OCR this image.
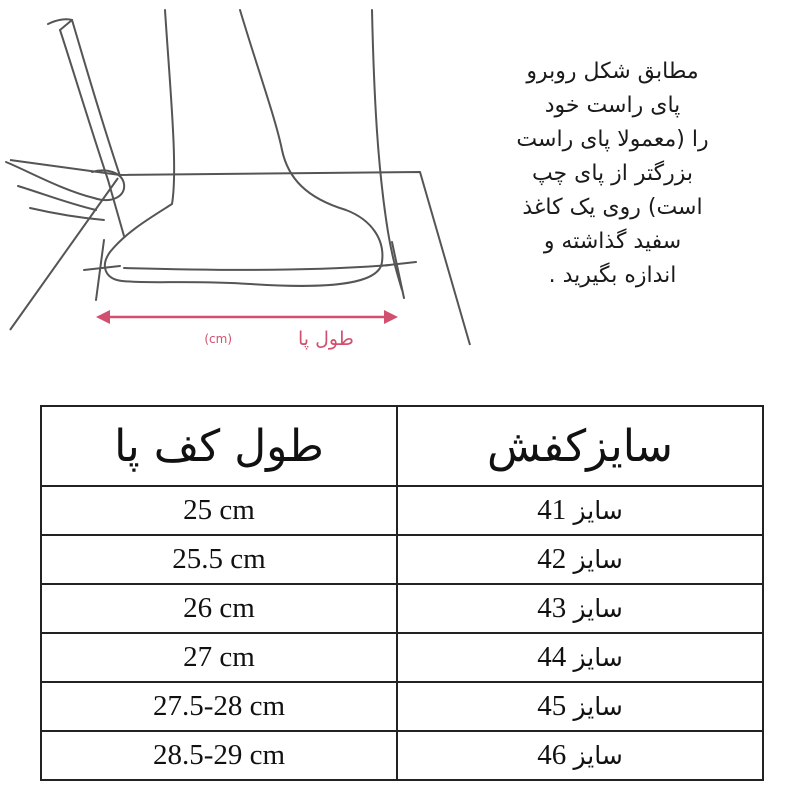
طول پا
(cm)
مطابق شکل روبرو
پای راست خود
را (معمولا پای راست
بزرگتر از پای چپ
است) روی یک کاغذ
سفید گذاشته و
اندازه بگیرید .
طول کف پا	سایزکفش
25 cm	سایز 41
25.5 cm	سایز 42
26 cm	سایز 43
27 cm	سایز 44
27.5-28 cm	سایز 45
28.5-29 cm	سایز 46
